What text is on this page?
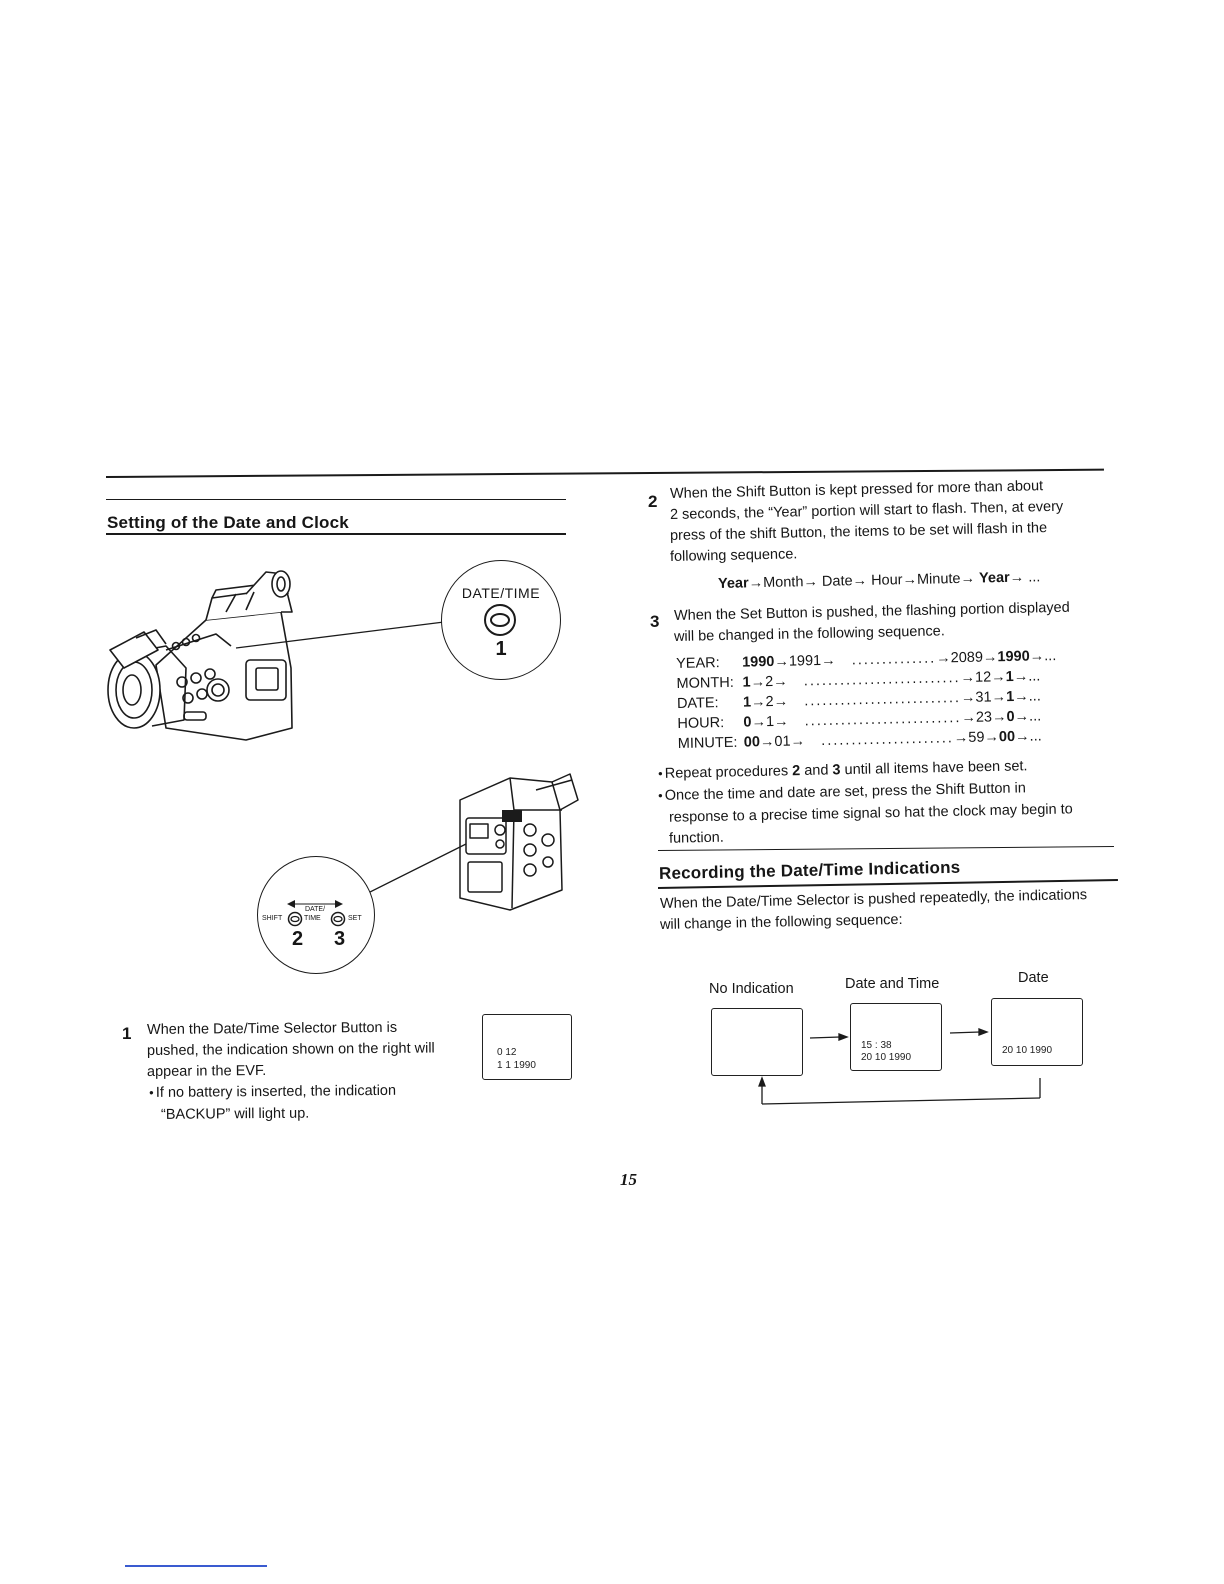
Setting of the Date and Clock
DATE/TIME
1
DATE/
SHIFT	TIME	SET
2 3
1 When the Date/Time Selector Button is
pushed, the indication shown on the right will
appear in the EVF.
● If no battery is inserted, the indication
“BACKUP” will light up.
0 12
1 1 1990
2 When the Shift Button is kept pressed for more than about
2 seconds, the “Year” portion will start to flash. Then, at every
press of the shift Button, the items to be set will flash in the
following sequence.
Year→Month→ Date→ Hour→Minute→ Year→ ...
3 When the Set Button is pushed, the flashing portion displayed
will be changed in the following sequence.
YEAR: 1990→1991→ ..............→2089→1990→...
MONTH: 1→2→ ..........................→12→1→...
DATE: 1→2→ ..........................→31→1→...
HOUR: 0→1→ ..........................→23→0→...
MINUTE: 00→01→ ......................→59→00→...
● Repeat procedures 2 and 3 until all items have been set.
● Once the time and date are set, press the Shift Button in
response to a precise time signal so hat the clock may begin to
function.
Recording the Date/Time Indications
When the Date/Time Selector is pushed repeatedly, the indications
will change in the following sequence:
No Indication	Date and Time	Date
15 : 38
20 10 1990
20 10 1990
15
